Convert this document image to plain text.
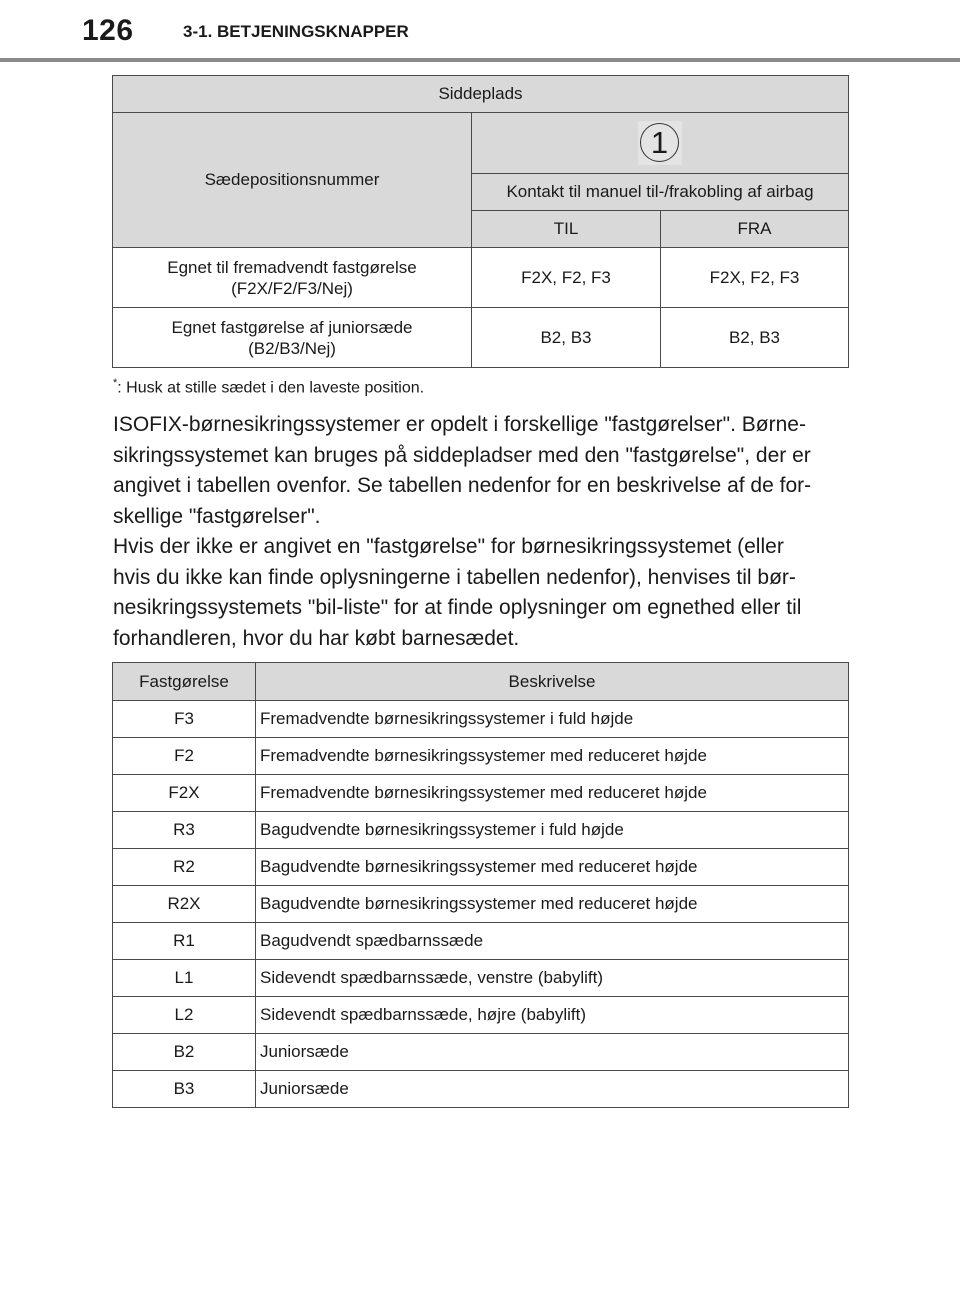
126	3-1. BETJENINGSKNAPPER
Siddeplads		
Sædepositionsnummer	1	

	Kontakt til manuel til-/frakobling af airbag	
	TIL	FRA
Egnet til fremadvendt fastgørelse
(F2X/F2/F3/Nej)	F2X, F2, F3	F2X, F2, F3
Egnet fastgørelse af juniorsæde
(B2/B3/Nej)	B2, B3	B2, B3
*: Husk at stille sædet i den laveste position.

ISOFIX-børnesikringssystemer er opdelt i forskellige "fastgørelser". Børne-

sikringssystemet kan bruges på siddepladser med den "fastgørelse", der er

angivet i tabellen ovenfor. Se tabellen nedenfor for en beskrivelse af de for-

skellige "fastgørelser".

Hvis der ikke er angivet en "fastgørelse" for børnesikringssystemet (eller

hvis du ikke kan finde oplysningerne i tabellen nedenfor), henvises til bør-

nesikringssystemets "bil-liste" for at finde oplysninger om egnethed eller til

forhandleren, hvor du har købt barnesædet.

Fastgørelse	Beskrivelse
F3	Fremadvendte børnesikringssystemer i fuld højde
F2	Fremadvendte børnesikringssystemer med reduceret højde
F2X	Fremadvendte børnesikringssystemer med reduceret højde
R3	Bagudvendte børnesikringssystemer i fuld højde
R2	Bagudvendte børnesikringssystemer med reduceret højde
R2X	Bagudvendte børnesikringssystemer med reduceret højde
R1	Bagudvendt spædbarnssæde
L1	Sidevendt spædbarnssæde, venstre (babylift)
L2	Sidevendt spædbarnssæde, højre (babylift)
B2	Juniorsæde
B3	Juniorsæde
